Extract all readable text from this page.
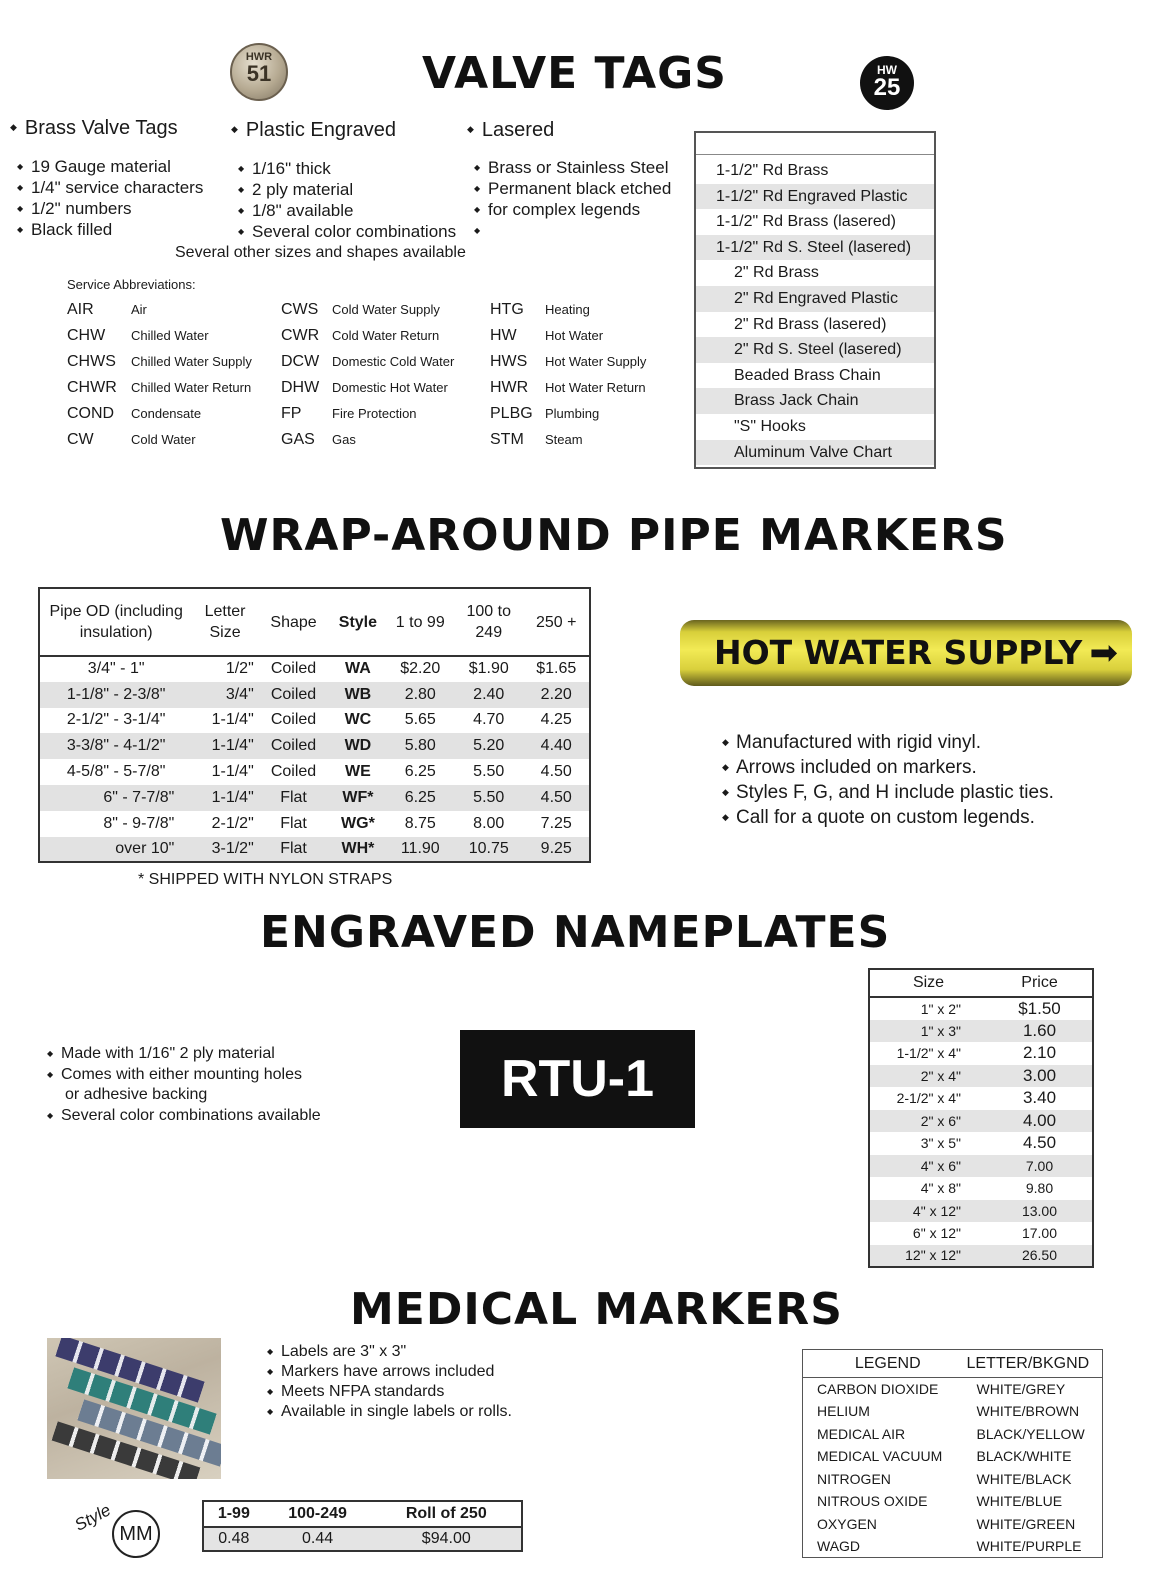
HWR
51	VALVE TAGS	HW
25
◆ Brass Valve Tags
◆ 19 Gauge material
◆ 1/4" service characters
◆ 1/2" numbers
◆ Black filled
◆ Plastic Engraved
◆ 1/16" thick
◆ 2 ply material
◆ 1/8" available
◆ Several color combinations
◆ Lasered
◆ Brass or Stainless Steel
◆ Permanent black etched
◆ for complex legends
Several other sizes and shapes available
Service Abbreviations:
AIR	Air
CHW Chilled Water
CHWS Chilled Water Supply
CHWR Chilled Water Return
COND Condensate
CW	Cold Water
CWS Cold Water Supply
CWR Cold Water Return
DCW Domestic Cold Water
DHW Domestic Hot Water
FP Fire Protection
GAS Gas
HTG Heating
HW Hot Water
HWS Hot Water Supply
HWR Hot Water Return
PLBG Plumbing
STM Steam
1-1/2" Rd Brass
1-1/2" Rd Engraved Plastic
1-1/2" Rd Brass (lasered)
1-1/2" Rd S. Steel (lasered)
2" Rd Brass
2" Rd Engraved Plastic
2" Rd Brass (lasered)
2" Rd S. Steel (lasered)
Beaded Brass Chain
Brass Jack Chain
"S" Hooks
Aluminum Valve Chart
WRAP-AROUND PIPE MARKERS
Pipe OD (including insulation)	Letter Size	Shape	Style	1 to 99	100 to 249	250 +
3/4" - 1"	1/2"	Coiled	WA	$2.20	$1.90	$1.65
1-1/8" - 2-3/8"	3/4"	Coiled	WB	2.80	2.40	2.20
2-1/2" - 3-1/4"	1-1/4"	Coiled	WC	5.65	4.70	4.25
3-3/8" - 4-1/2"	1-1/4"	Coiled	WD	5.80	5.20	4.40
4-5/8" - 5-7/8"	1-1/4"	Coiled	WE	6.25	5.50	4.50
6" - 7-7/8"	1-1/4"	Flat	WF*	6.25	5.50	4.50
8" - 9-7/8"	2-1/2"	Flat	WG*	8.75	8.00	7.25
over 10"	3-1/2"	Flat	WH*	11.90	10.75	9.25
* SHIPPED WITH NYLON STRAPS
HOT WATER SUPPLY ➡
◆ Manufactured with rigid vinyl.
◆ Arrows included on markers.
◆ Styles F, G, and H include plastic ties.
◆ Call for a quote on custom legends.
ENGRAVED NAMEPLATES
◆ Made with 1/16" 2 ply material
◆ Comes with either mounting holes
or adhesive backing
◆ Several color combinations available
RTU-1
Size	Price
1" x 2"	$1.50
1" x 3"	1.60
1-1/2" x 4"	2.10
2" x 4"	3.00
2-1/2" x 4"	3.40
2" x 6"	4.00
3" x 5"	4.50
4" x 6"	7.00
4" x 8"	9.80
4" x 12"	13.00
6" x 12"	17.00
12" x 12"	26.50
MEDICAL MARKERS
◆ Labels are 3" x 3"
◆ Markers have arrows included
◆ Meets NFPA standards
◆ Available in single labels or rolls.
Style MM
1-99	100-249	Roll of 250
0.48	0.44	$94.00
LEGEND	LETTER/BKGND
CARBON DIOXIDE	WHITE/GREY
HELIUM	WHITE/BROWN
MEDICAL AIR	BLACK/YELLOW
MEDICAL VACUUM	BLACK/WHITE
NITROGEN	WHITE/BLACK
NITROUS OXIDE	WHITE/BLUE
OXYGEN	WHITE/GREEN
WAGD	WHITE/PURPLE
